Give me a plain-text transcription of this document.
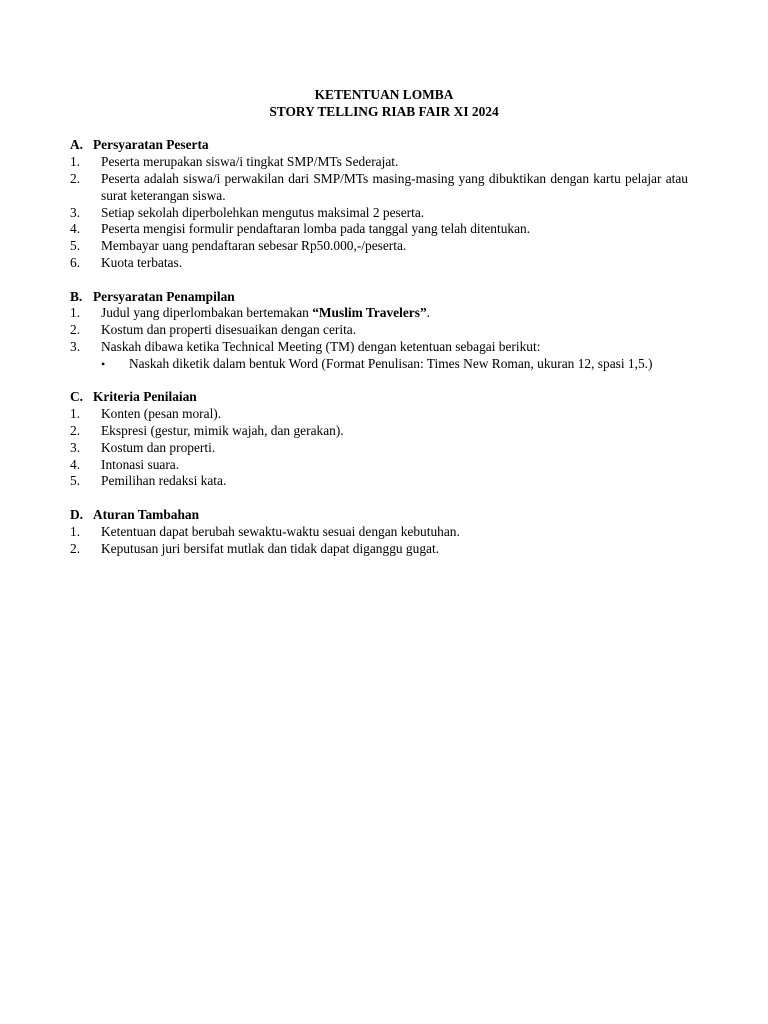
KETENTUAN LOMBA

STORY TELLING RIAB FAIR XI 2024

A. Persyaratan Peserta
1.	Peserta merupakan siswa/i tingkat SMP/MTs Sederajat.
2.	Peserta adalah siswa/i perwakilan dari SMP/MTs masing-masing yang dibuktikan dengan kartu pelajar atau surat keterangan siswa.
3.	Setiap sekolah diperbolehkan mengutus maksimal 2 peserta.
4.	Peserta mengisi formulir pendaftaran lomba pada tanggal yang telah ditentukan.
5.	Membayar uang pendaftaran sebesar Rp50.000,-/peserta.
6.	Kuota terbatas.
B. Persyaratan Penampilan
1.	Judul yang diperlombakan bertemakan “Muslim Travelers”.
2.	Kostum dan properti disesuaikan dengan cerita.
3.	Naskah dibawa ketika Technical Meeting (TM) dengan ketentuan sebagai berikut:
•	Naskah diketik dalam bentuk Word (Format Penulisan: Times New Roman, ukuran 12, spasi 1,5.)
C. Kriteria Penilaian
1.	Konten (pesan moral).
2.	Ekspresi (gestur, mimik wajah, dan gerakan).
3.	Kostum dan properti.
4.	Intonasi suara.
5.	Pemilihan redaksi kata.
D. Aturan Tambahan
1.	Ketentuan dapat berubah sewaktu-waktu sesuai dengan kebutuhan.
2.	Keputusan juri bersifat mutlak dan tidak dapat diganggu gugat.
